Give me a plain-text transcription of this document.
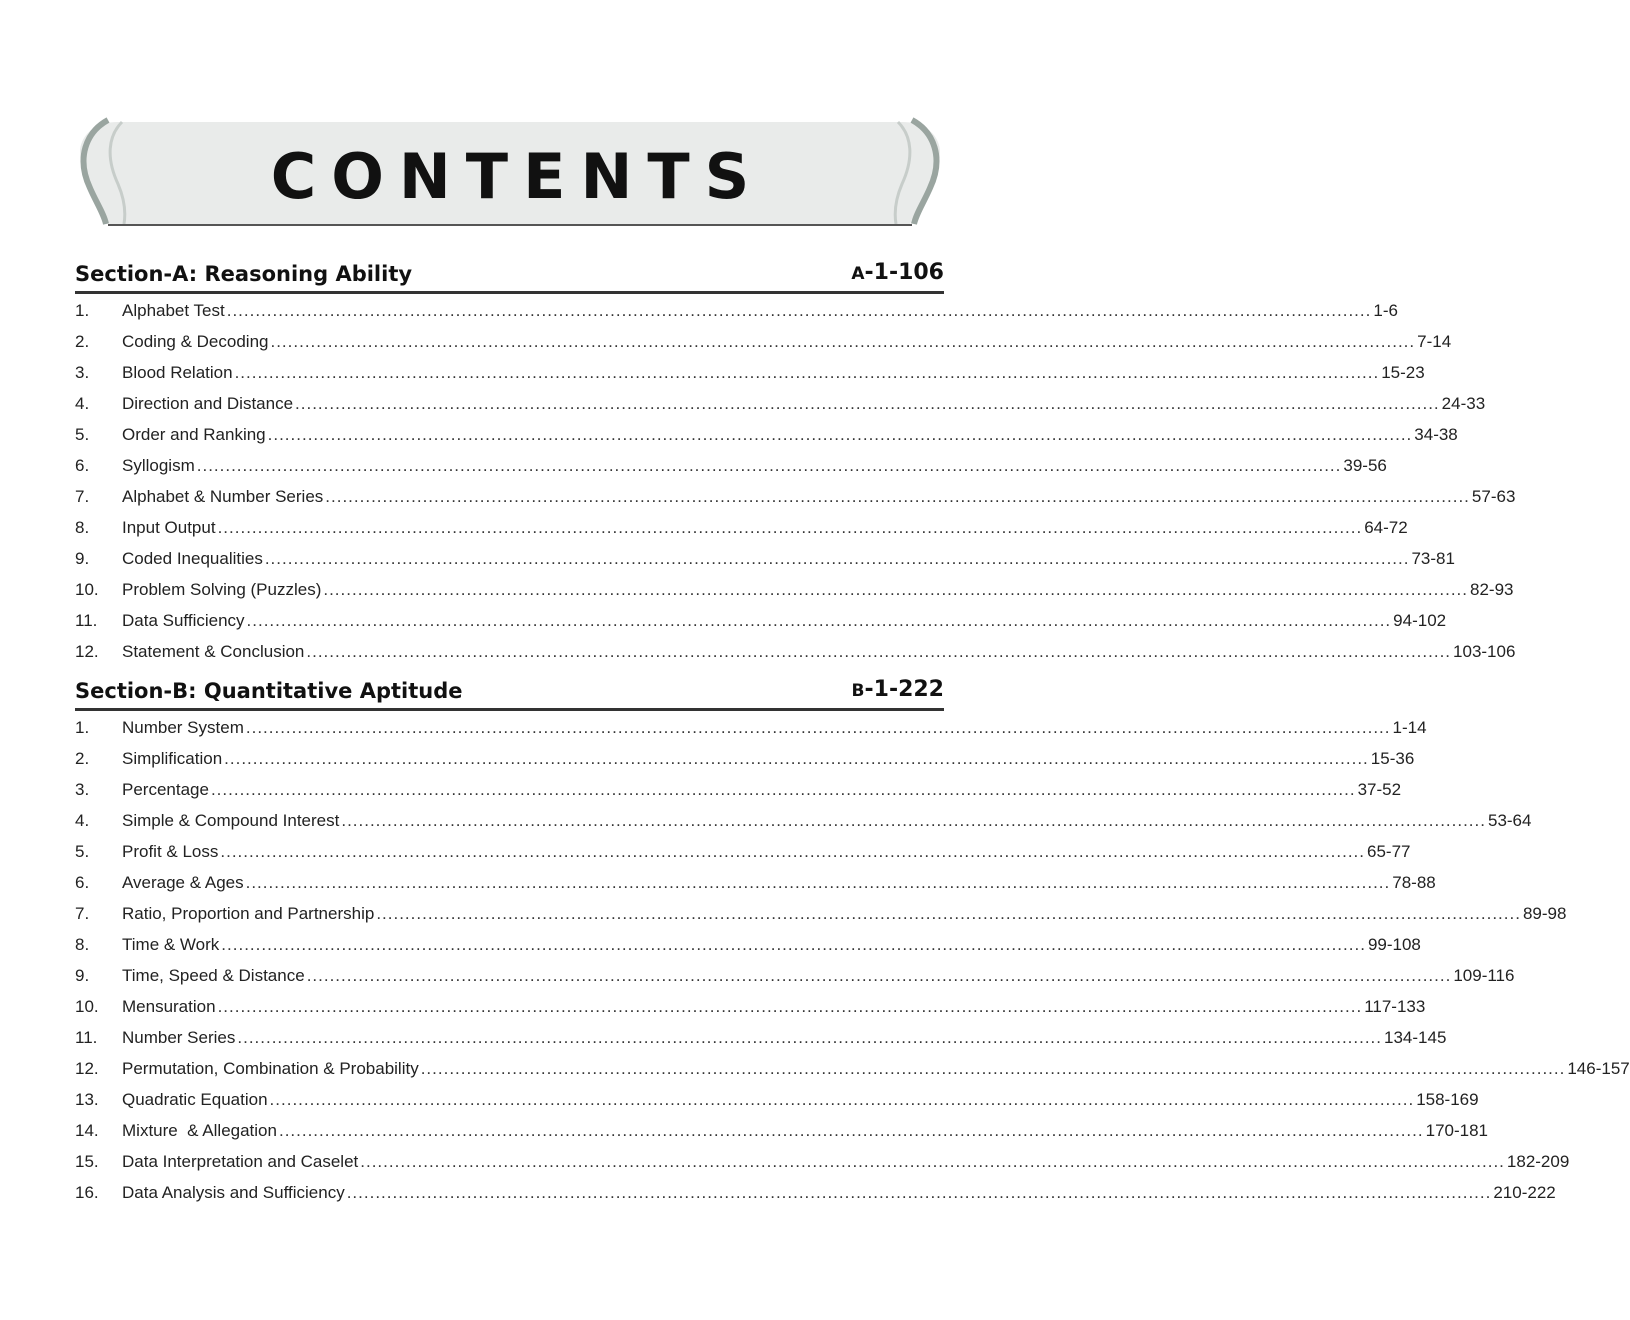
CONTENTS
Section-A: Reasoning Ability	A-1-106
1.	Alphabet Test ........................................................................................................................................................................................................ 1-6
2.	Coding & Decoding ........................................................................................................................................................................................................ 7-14
3.	Blood Relation ........................................................................................................................................................................................................ 15-23
4.	Direction and Distance ........................................................................................................................................................................................................ 24-33
5.	Order and Ranking ........................................................................................................................................................................................................ 34-38
6.	Syllogism ........................................................................................................................................................................................................ 39-56
7.	Alphabet & Number Series ........................................................................................................................................................................................................ 57-63
8.	Input Output ........................................................................................................................................................................................................ 64-72
9.	Coded Inequalities ........................................................................................................................................................................................................ 73-81
10.	Problem Solving (Puzzles) ........................................................................................................................................................................................................ 82-93
11.	Data Sufficiency ........................................................................................................................................................................................................ 94-102
12.	Statement & Conclusion ........................................................................................................................................................................................................ 103-106
Section-B: Quantitative Aptitude	B-1-222
1.	Number System ........................................................................................................................................................................................................ 1-14
2.	Simplification ........................................................................................................................................................................................................ 15-36
3.	Percentage ........................................................................................................................................................................................................ 37-52
4.	Simple & Compound Interest ........................................................................................................................................................................................................ 53-64
5.	Profit & Loss ........................................................................................................................................................................................................ 65-77
6.	Average & Ages ........................................................................................................................................................................................................ 78-88
7.	Ratio, Proportion and Partnership ........................................................................................................................................................................................................ 89-98
8.	Time & Work ........................................................................................................................................................................................................ 99-108
9.	Time, Speed & Distance ........................................................................................................................................................................................................ 109-116
10.	Mensuration ........................................................................................................................................................................................................ 117-133
11.	Number Series ........................................................................................................................................................................................................ 134-145
12.	Permutation, Combination & Probability ........................................................................................................................................................................................................ 146-157
13.	Quadratic Equation ........................................................................................................................................................................................................ 158-169
14.	Mixture  & Allegation ........................................................................................................................................................................................................ 170-181
15.	Data Interpretation and Caselet ........................................................................................................................................................................................................ 182-209
16.	Data Analysis and Sufficiency ........................................................................................................................................................................................................ 210-222
